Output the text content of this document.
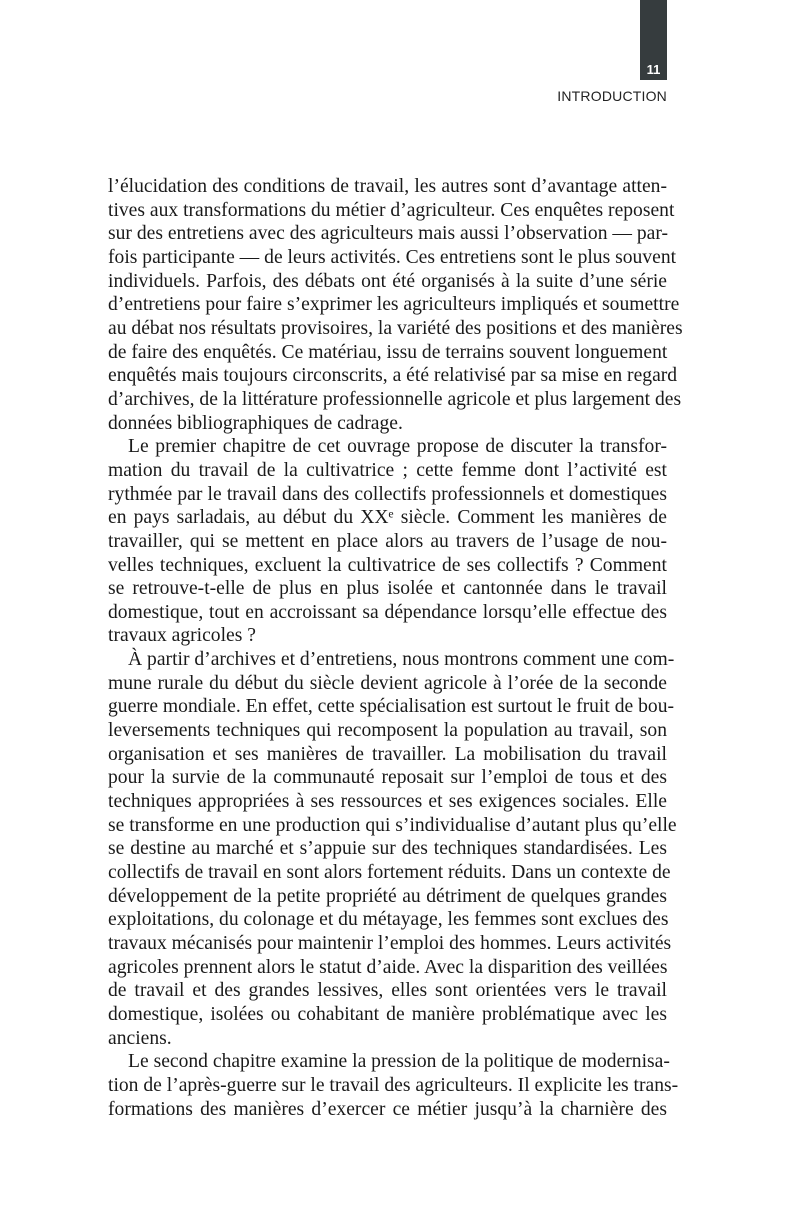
11
INTRODUCTION
l’élucidation des conditions de travail, les autres sont d’avantage atten-
tives aux transformations du métier d’agriculteur. Ces enquêtes reposent
sur des entretiens avec des agriculteurs mais aussi l’observation — par-
fois participante — de leurs activités. Ces entretiens sont le plus souvent
individuels. Parfois, des débats ont été organisés à la suite d’une série
d’entretiens pour faire s’exprimer les agriculteurs impliqués et soumettre
au débat nos résultats provisoires, la variété des positions et des manières
de faire des enquêtés. Ce matériau, issu de terrains souvent longuement
enquêtés mais toujours circonscrits, a été relativisé par sa mise en regard
d’archives, de la littérature professionnelle agricole et plus largement des
données bibliographiques de cadrage.
Le premier chapitre de cet ouvrage propose de discuter la transfor-
mation du travail de la cultivatrice ; cette femme dont l’activité est
rythmée par le travail dans des collectifs professionnels et domestiques
en pays sarladais, au début du XXᵉ siècle. Comment les manières de
travailler, qui se mettent en place alors au travers de l’usage de nou-
velles techniques, excluent la cultivatrice de ses collectifs ? Comment
se retrouve-t-elle de plus en plus isolée et cantonnée dans le travail
domestique, tout en accroissant sa dépendance lorsqu’elle effectue des
travaux agricoles ?
À partir d’archives et d’entretiens, nous montrons comment une com-
mune rurale du début du siècle devient agricole à l’orée de la seconde
guerre mondiale. En effet, cette spécialisation est surtout le fruit de bou-
leversements techniques qui recomposent la population au travail, son
organisation et ses manières de travailler. La mobilisation du travail
pour la survie de la communauté reposait sur l’emploi de tous et des
techniques appropriées à ses ressources et ses exigences sociales. Elle
se transforme en une production qui s’individualise d’autant plus qu’elle
se destine au marché et s’appuie sur des techniques standardisées. Les
collectifs de travail en sont alors fortement réduits. Dans un contexte de
développement de la petite propriété au détriment de quelques grandes
exploitations, du colonage et du métayage, les femmes sont exclues des
travaux mécanisés pour maintenir l’emploi des hommes. Leurs activités
agricoles prennent alors le statut d’aide. Avec la disparition des veillées
de travail et des grandes lessives, elles sont orientées vers le travail
domestique, isolées ou cohabitant de manière problématique avec les
anciens.
Le second chapitre examine la pression de la politique de modernisa-
tion de l’après-guerre sur le travail des agriculteurs. Il explicite les trans-
formations des manières d’exercer ce métier jusqu’à la charnière des
